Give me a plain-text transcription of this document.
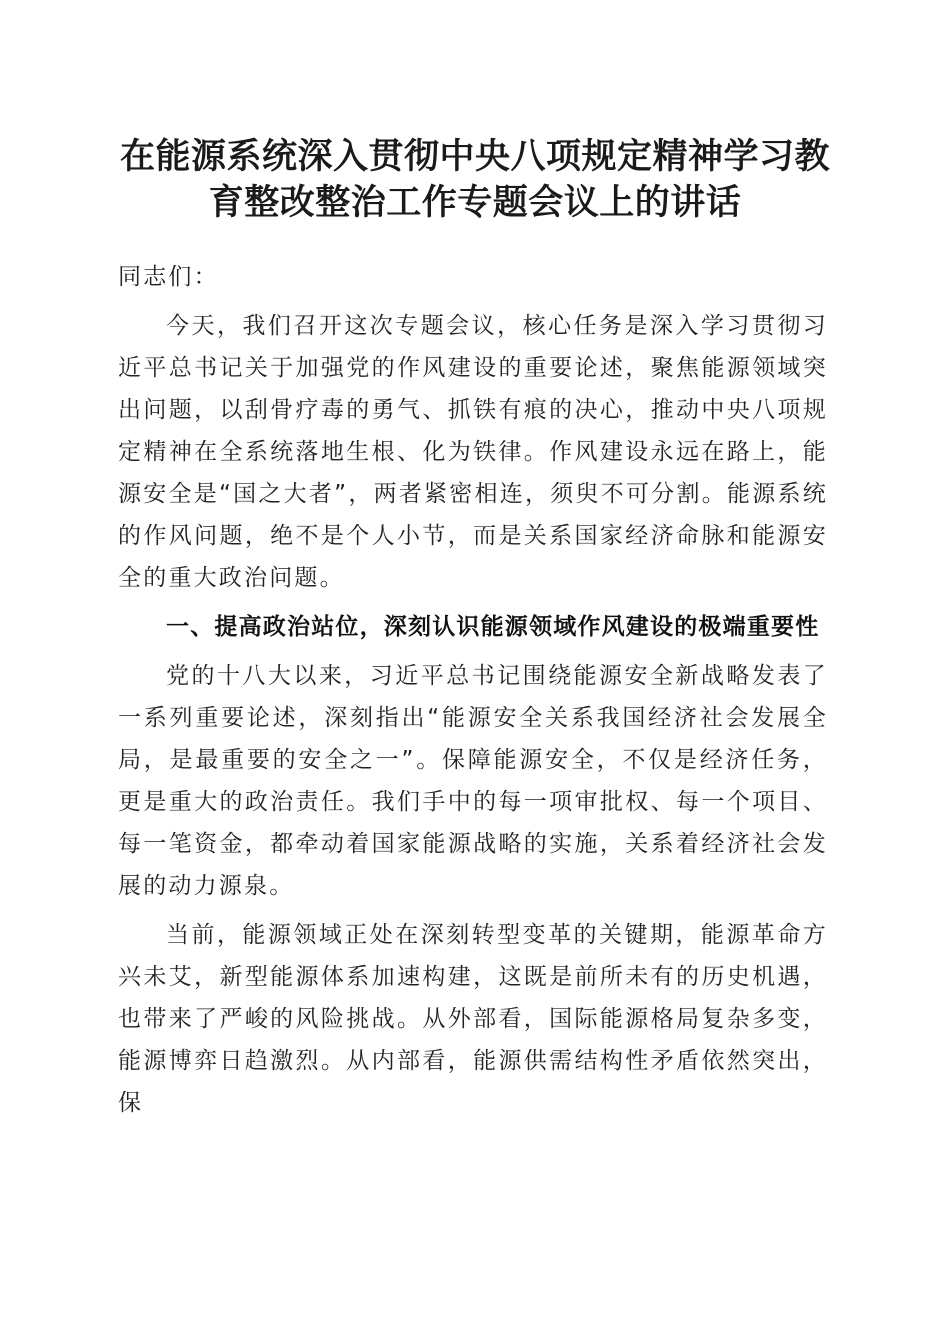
在能源系统深入贯彻中央八项规定精神学习教
育整改整治工作专题会议上的讲话

同志们：

今天，我们召开这次专题会议，核心任务是深入学习贯彻习近平总书记关于加强党的作风建设的重要论述，聚焦能源领域突出问题，以刮骨疗毒的勇气、抓铁有痕的决心，推动中央八项规定精神在全系统落地生根、化为铁律。作风建设永远在路上，能源安全是“国之大者”，两者紧密相连，须臾不可分割。能源系统的作风问题，绝不是个人小节，而是关系国家经济命脉和能源安全的重大政治问题。

一、提高政治站位，深刻认识能源领域作风建设的极端重要性

党的十八大以来，习近平总书记围绕能源安全新战略发表了一系列重要论述，深刻指出“能源安全关系我国经济社会发展全局，是最重要的安全之一”。保障能源安全，不仅是经济任务，更是重大的政治责任。我们手中的每一项审批权、每一个项目、每一笔资金，都牵动着国家能源战略的实施，关系着经济社会发展的动力源泉。

当前，能源领域正处在深刻转型变革的关键期，能源革命方兴未艾，新型能源体系加速构建，这既是前所未有的历史机遇，也带来了严峻的风险挑战。从外部看，国际能源格局复杂多变，能源博弈日趋激烈。从内部看，能源供需结构性矛盾依然突出，保
